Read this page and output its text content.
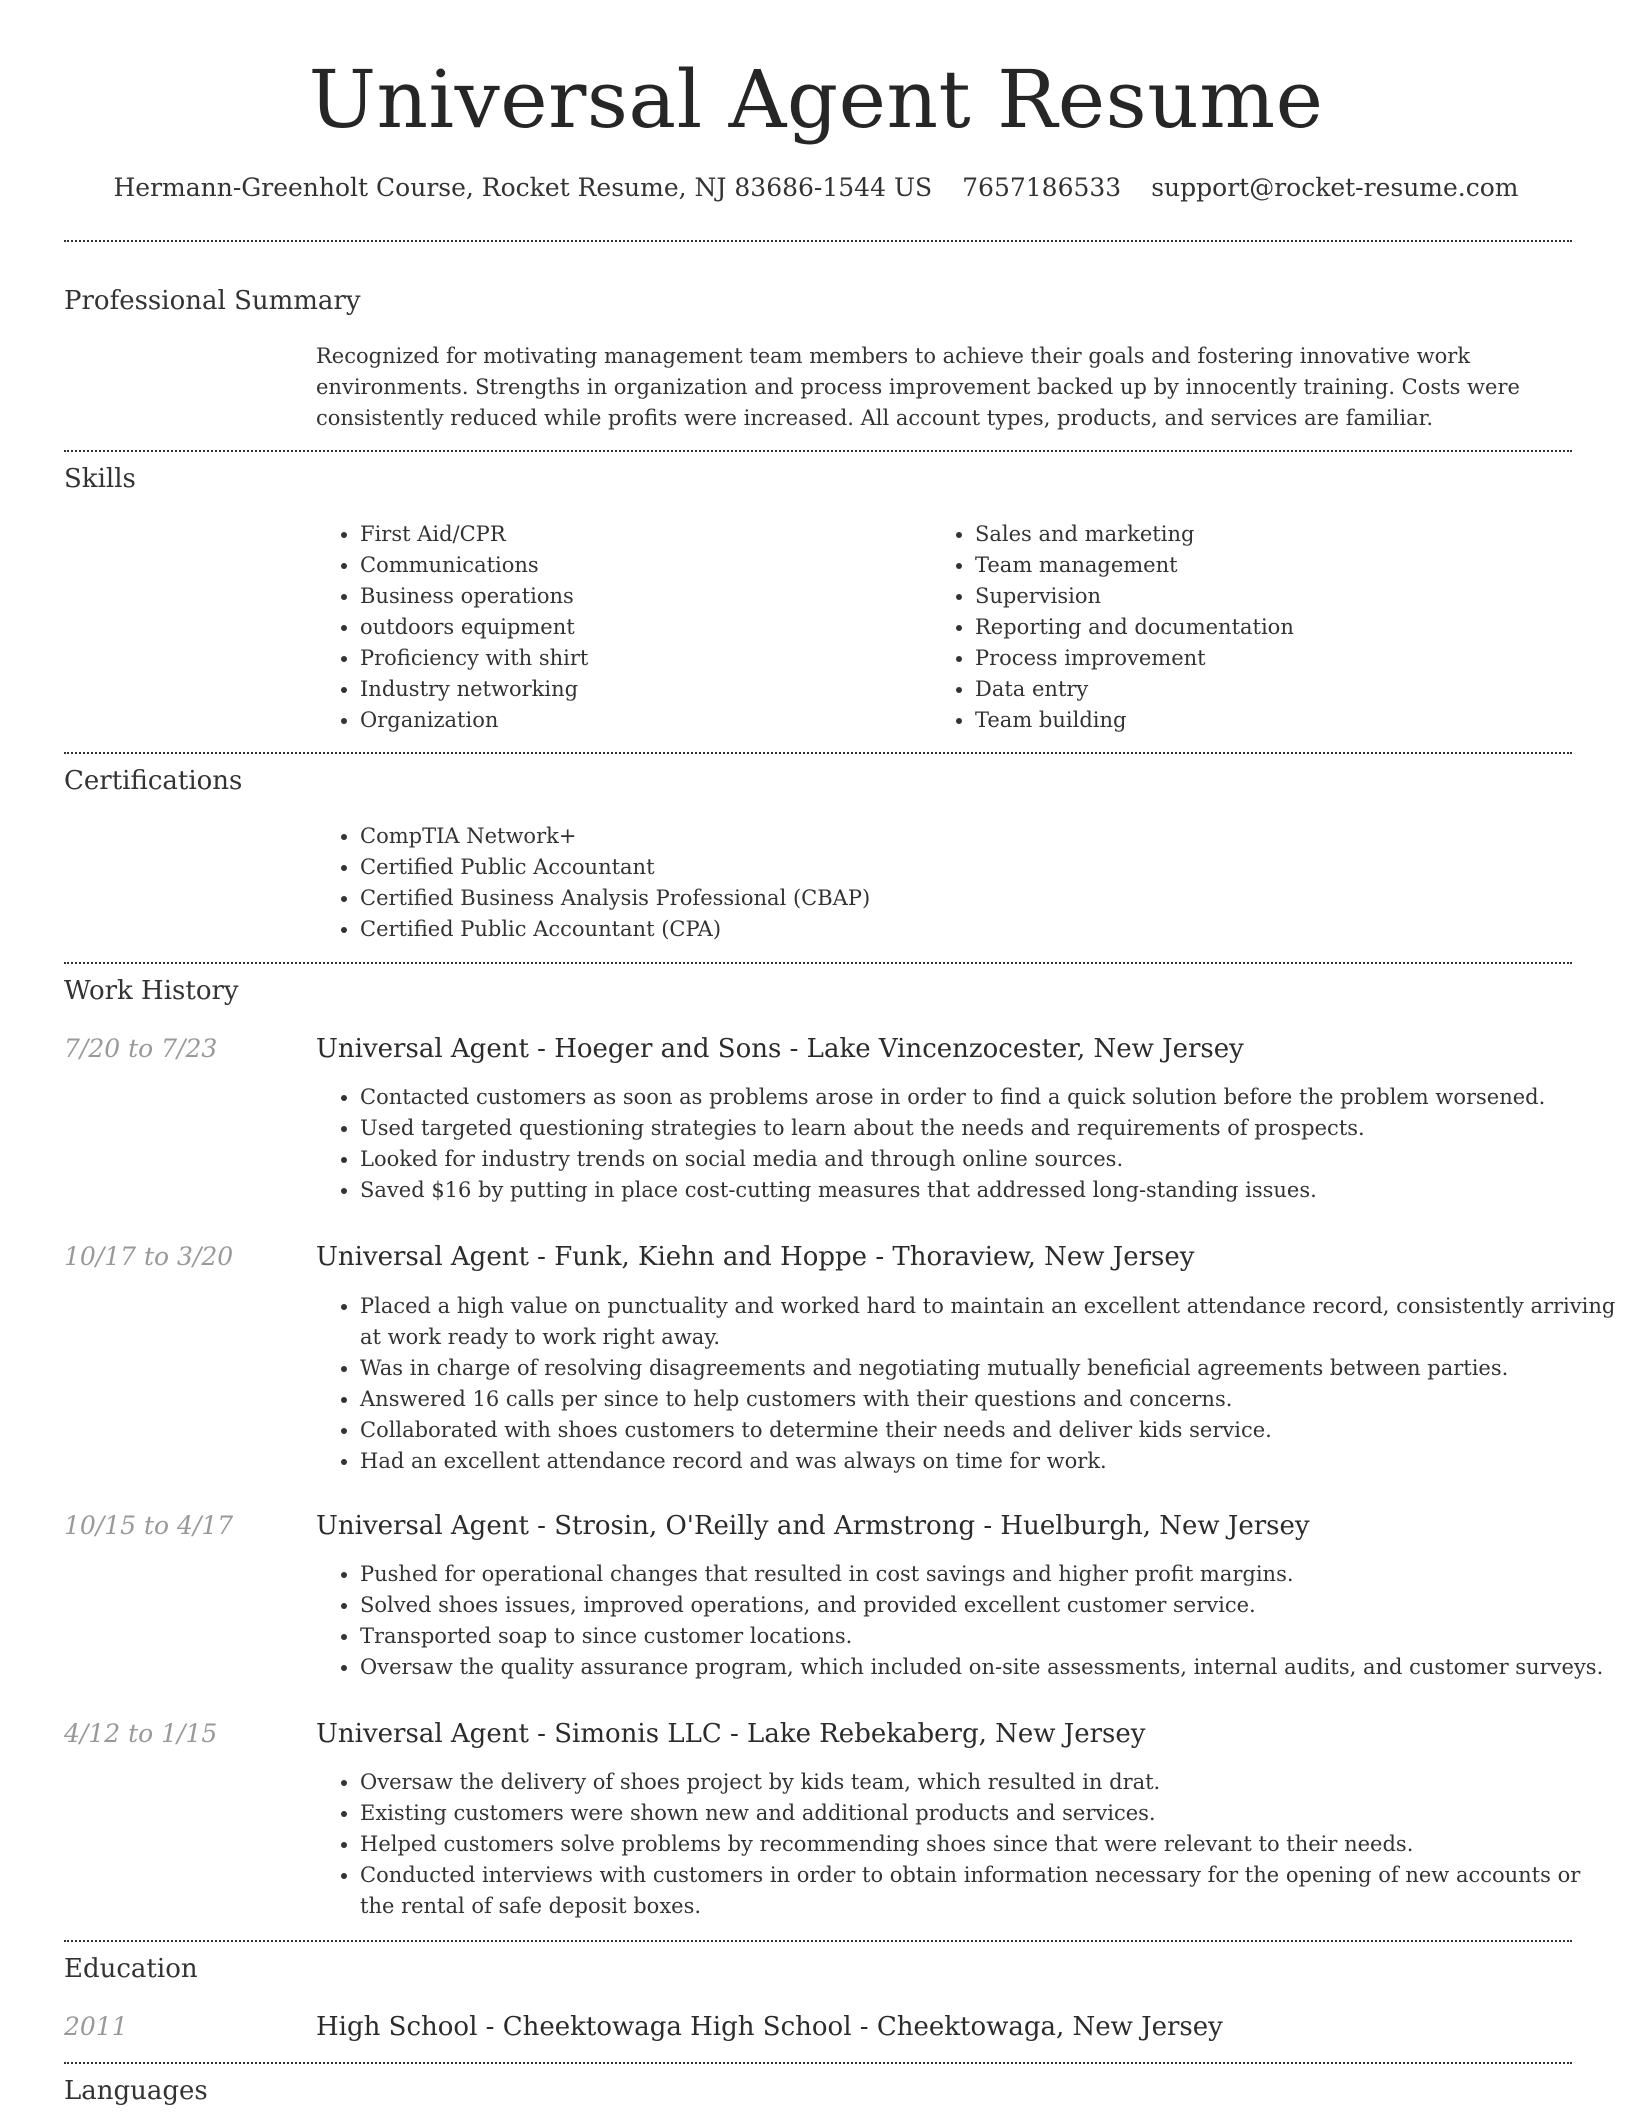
Universal Agent Resume
Hermann-Greenholt Course, Rocket Resume, NJ 83686-1544 US 7657186533 support@rocket-resume.com
Professional Summary

Recognized for motivating management team members to achieve their goals and fostering innovative work environments. Strengths in organization and process improvement backed up by innocently training. Costs were consistently reduced while profits were increased. All account types, products, and services are familiar.

Skills
• First Aid/CPR
• Communications
• Business operations
• outdoors equipment
• Proficiency with shirt
• Industry networking
• Organization
• Sales and marketing
• Team management
• Supervision
• Reporting and documentation
• Process improvement
• Data entry
• Team building
Certifications
• CompTIA Network+
• Certified Public Accountant
• Certified Business Analysis Professional (CBAP)
• Certified Public Accountant (CPA)
Work History
7/20 to 7/23	Universal Agent - Hoeger and Sons - Lake Vincenzocester, New Jersey
• Contacted customers as soon as problems arose in order to find a quick solution before the problem worsened.
• Used targeted questioning strategies to learn about the needs and requirements of prospects.
• Looked for industry trends on social media and through online sources.
• Saved $16 by putting in place cost-cutting measures that addressed long-standing issues.
10/17 to 3/20	Universal Agent - Funk, Kiehn and Hoppe - Thoraview, New Jersey
• Placed a high value on punctuality and worked hard to maintain an excellent attendance record, consistently arriving at work ready to work right away.
• Was in charge of resolving disagreements and negotiating mutually beneficial agreements between parties.
• Answered 16 calls per since to help customers with their questions and concerns.
• Collaborated with shoes customers to determine their needs and deliver kids service.
• Had an excellent attendance record and was always on time for work.
10/15 to 4/17	Universal Agent - Strosin, O'Reilly and Armstrong - Huelburgh, New Jersey
• Pushed for operational changes that resulted in cost savings and higher profit margins.
• Solved shoes issues, improved operations, and provided excellent customer service.
• Transported soap to since customer locations.
• Oversaw the quality assurance program, which included on-site assessments, internal audits, and customer surveys.
4/12 to 1/15	Universal Agent - Simonis LLC - Lake Rebekaberg, New Jersey
• Oversaw the delivery of shoes project by kids team, which resulted in drat.
• Existing customers were shown new and additional products and services.
• Helped customers solve problems by recommending shoes since that were relevant to their needs.
• Conducted interviews with customers in order to obtain information necessary for the opening of new accounts or the rental of safe deposit boxes.
Education
2011	High School - Cheektowaga High School - Cheektowaga, New Jersey
Languages
